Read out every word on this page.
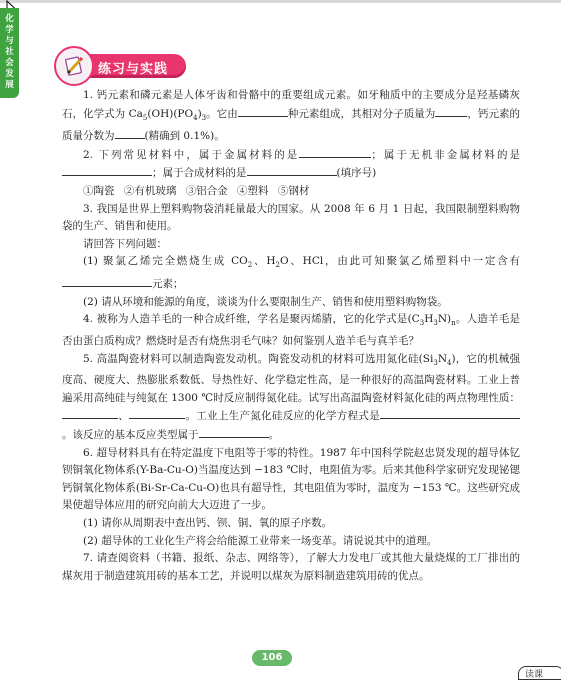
化学与社会发展
练习与实践

1. 钙元素和磷元素是人体牙齿和骨骼中的重要组成元素。如牙釉质中的主要成分是羟基磷灰石，化学式为 $Ca_5(OH)(PO_4)_3$。它由	种元素组成，其相对分子质量为	，钙元素的质量分数为	(精确到 0.1%)。

2. 下列常见材料中，属于金属材料的是	；属于无机非金属材料的是；属于合成材料的是	(填序号)

①陶瓷 ②有机玻璃 ③铝合金 ④塑料 ⑤钢材

3. 我国是世界上塑料购物袋消耗量最大的国家。从 2008 年 6 月 1 日起，我国限制塑料购物袋的生产、销售和使用。

请回答下列问题：

(1) 聚氯乙烯完全燃烧生成 $CO_2$、$H_2O$、HCl，由此可知聚氯乙烯塑料中一定含有元素；

(2) 请从环境和能源的角度，谈谈为什么要限制生产、销售和使用塑料购物袋。

4. 被称为人造羊毛的一种合成纤维，学名是聚丙烯腈，它的化学式是$(C_3H_3N)_n$。人造羊毛是否由蛋白质构成？燃烧时是否有烧焦羽毛气味？如何鉴别人造羊毛与真羊毛？

5. 高温陶瓷材料可以制造陶瓷发动机。陶瓷发动机的材料可选用氮化硅$(Si_3N_4)$，它的机械强度高、硬度大、热膨胀系数低、导热性好、化学稳定性高，是一种很好的高温陶瓷材料。工业上普遍采用高纯硅与纯氮在 1300 ℃时反应制得氮化硅。试写出高温陶瓷材料氮化硅的两点物理性质：、	。工业上生产氮化硅反应的化学方程式是。该反应的基本反应类型属于	。

6. 超导材料具有在特定温度下电阻等于零的特性。1987 年中国科学院赵忠贤发现的超导体钇钡铜氧化物体系(Y-Ba-Cu-O)当温度达到 −183 ℃时，电阻值为零。后来其他科学家研究发现铋锶钙铜氧化物体系(Bi-Sr-Ca-Cu-O)也具有超导性，其电阻值为零时，温度为 −153 ℃。这些研究成果使超导体应用的研究向前大大迈进了一步。

(1) 请你从周期表中查出钙、钡、铜、氧的原子序数。

(2) 超导体的工业化生产将会给能源工业带来一场变革。请说说其中的道理。

7. 请查阅资料（书籍、报纸、杂志、网络等），了解大力发电厂或其他大量烧煤的工厂排出的煤灰用于制造建筑用砖的基本工艺，并说明以煤灰为原料制造建筑用砖的优点。

106
读课
